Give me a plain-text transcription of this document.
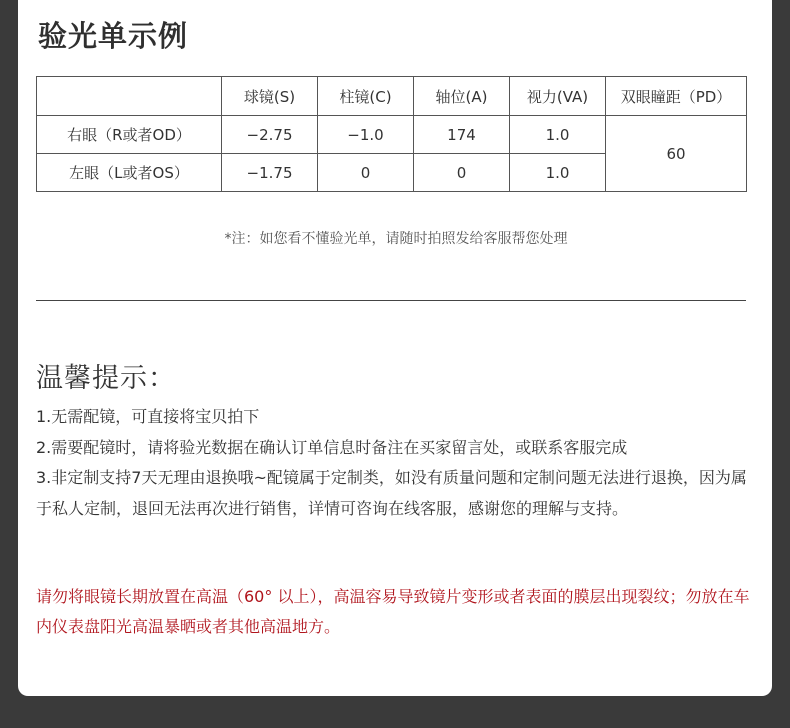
验光单示例
	球镜(S)	柱镜(C)	轴位(A)	视力(VA)	双眼瞳距（PD）
右眼（R或者OD）	−2.75	−1.0	174	1.0	60
左眼（L或者OS）	−1.75	0	0	1.0	
*注：如您看不懂验光单，请随时拍照发给客服帮您处理
温馨提示：

1.无需配镜，可直接将宝贝拍下

2.需要配镜时，请将验光数据在确认订单信息时备注在买家留言处，或联系客服完成

3.非定制支持7天无理由退换哦~配镜属于定制类，如没有质量问题和定制问题无法进行退换，因为属于私人定制，退回无法再次进行销售，详情可咨询在线客服，感谢您的理解与支持。

请勿将眼镜长期放置在高温（60° 以上），高温容易导致镜片变形或者表面的膜层出现裂纹；勿放在车内仪表盘阳光高温暴晒或者其他高温地方。
